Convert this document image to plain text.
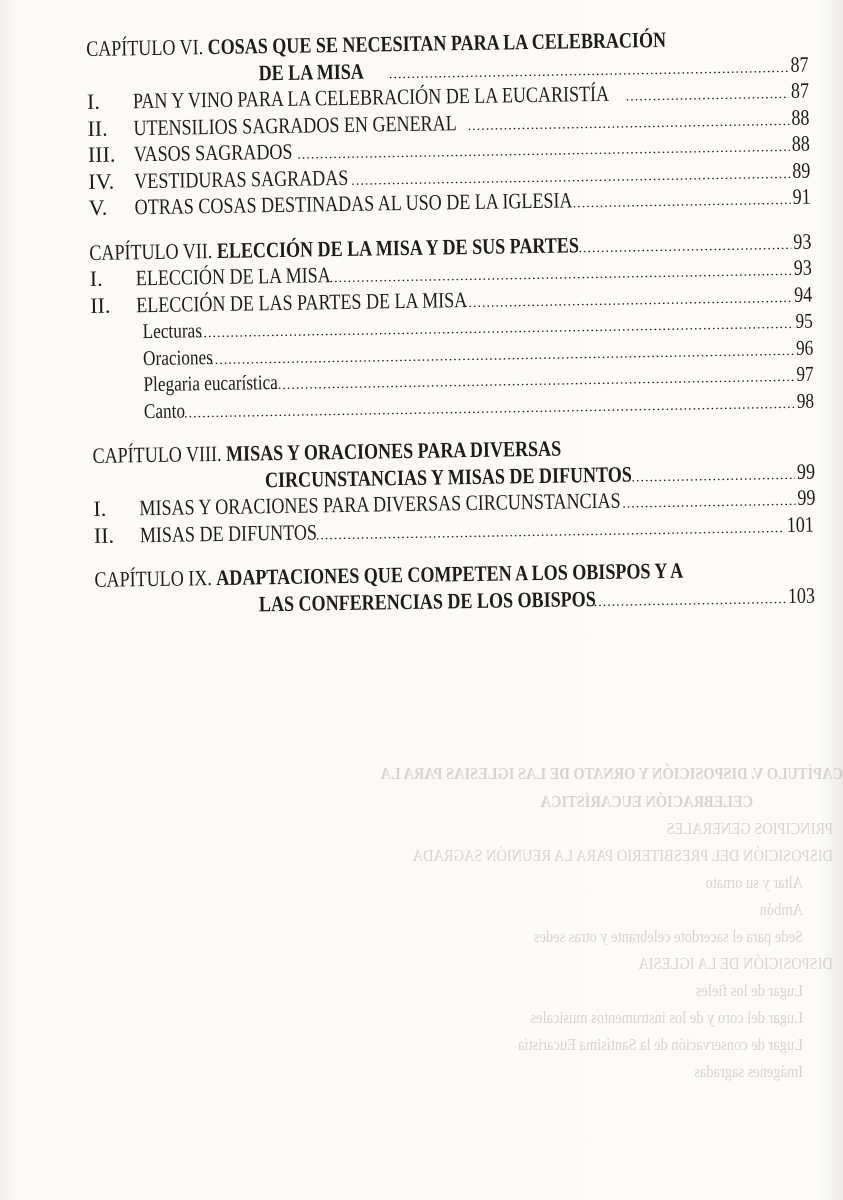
CAPÍTULO V. DISPOSICIÓN Y ORNATO DE LAS IGLESIAS PARA LA
CELEBRACIÓN EUCARÍSTICA
PRINCIPIOS GENERALES
DISPOSICIÓN DEL PRESBITERIO PARA LA REUNIÓN SAGRADA
Altar y su ornato
Ambón
Sede para el sacerdote celebrante y otras sedes
DISPOSICIÓN DE LA IGLESIA
Lugar de los fieles
Lugar del coro y de los instrumentos musicales
Lugar de conservación de la Santísima Eucaristía
Imágenes sagradas
CAPÍTULO VI. COSAS QUE SE NECESITAN PARA LA CELEBRACIÓN
DE LA MISA .....	87
I.	PAN Y VINO PARA LA CELEBRACIÓN DE LA EUCARISTÍA .....	87
II.	UTENSILIOS SAGRADOS EN GENERAL .....	88
III. VASOS SAGRADOS .....	88
IV. VESTIDURAS SAGRADAS .....	89
V.	OTRAS COSAS DESTINADAS AL USO DE LA IGLESIA .....	91
CAPÍTULO VII. ELECCIÓN DE LA MISA Y DE SUS PARTES .....	93
I.	ELECCIÓN DE LA MISA .....	93
II.	ELECCIÓN DE LAS PARTES DE LA MISA .....	94
Lecturas .....	95
Oraciones .....	96
Plegaria eucarística .....	97
Canto .....	98
CAPÍTULO VIII. MISAS Y ORACIONES PARA DIVERSAS
CIRCUNSTANCIAS Y MISAS DE DIFUNTOS .....	99
I.	MISAS Y ORACIONES PARA DIVERSAS CIRCUNSTANCIAS .....	99
II.	MISAS DE DIFUNTOS .....	101
CAPÍTULO IX. ADAPTACIONES QUE COMPETEN A LOS OBISPOS Y A
LAS CONFERENCIAS DE LOS OBISPOS .....	103
